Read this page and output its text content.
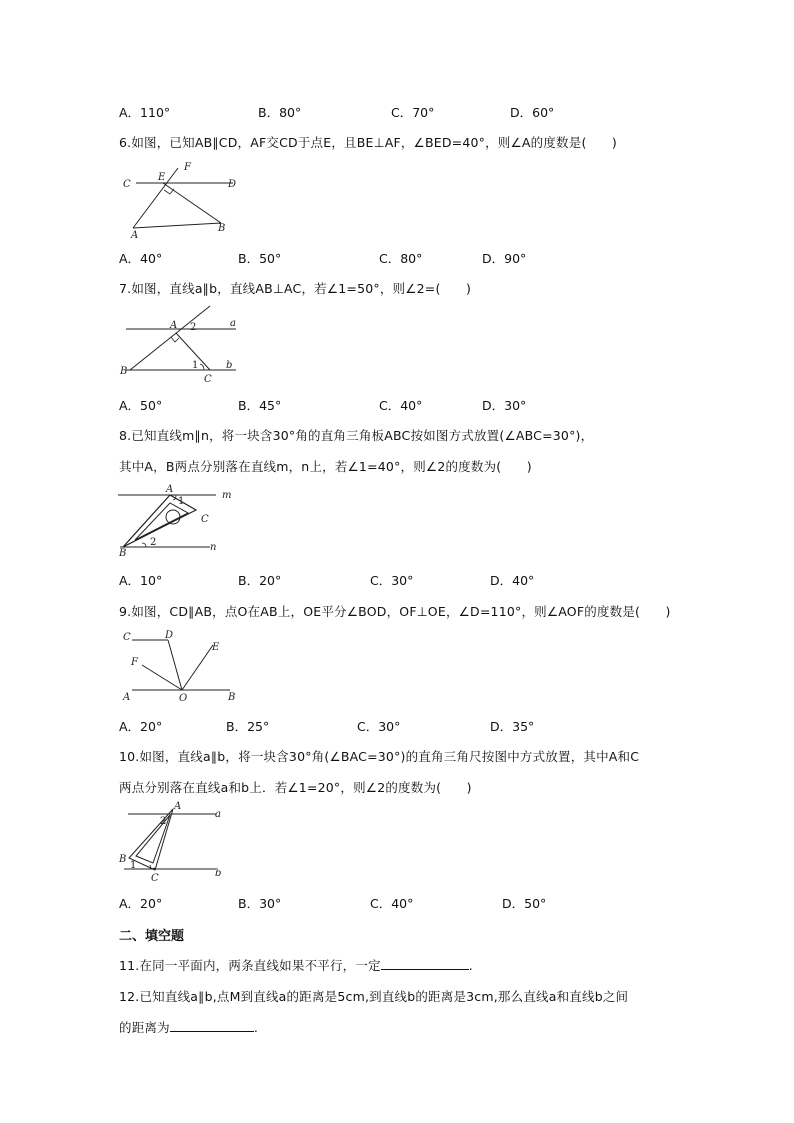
A．110°	B．80°	C．70°	D．60°
6.如图，已知AB∥CD，AF交CD于点E，且BE⊥AF，∠BED=40°，则∠A的度数是(　　)
C
E
F
D
A
B
A．40°	B．50°	C．80°	D．90°
7.如图，直线a∥b，直线AB⊥AC，若∠1=50°，则∠2=(　　)
A 2	a
B
1
C
b
A．50°	B．45°	C．40°	D．30°
8.已知直线m∥n，将一块含30°角的直角三角板ABC按如图方式放置(∠ABC=30°)，
其中A，B两点分别落在直线m，n上，若∠1=40°，则∠2的度数为(　　)
A
m
1
C
2
B
n
A．10°	B．20°	C．30°	D．40°
9.如图，CD∥AB，点O在AB上，OE平分∠BOD，OF⊥OE，∠D=110°，则∠AOF的度数是(　　)
C	D
F
E
A	O	B
A．20°	B．25°	C．30°	D．35°
10.如图，直线a∥b，将一块含30°角(∠BAC=30°)的直角三角尺按图中方式放置，其中A和C
两点分别落在直线a和b上．若∠1=20°，则∠2的度数为(　　)
A
2
a
B
1
C	b
A．20°	B．30°	C．40°	D．50°
二、填空题
11.在同一平面内，两条直线如果不平行，一定	.
12.已知直线a∥b,点M到直线a的距离是5cm,到直线b的距离是3cm,那么直线a和直线b之间
的距离为	.
